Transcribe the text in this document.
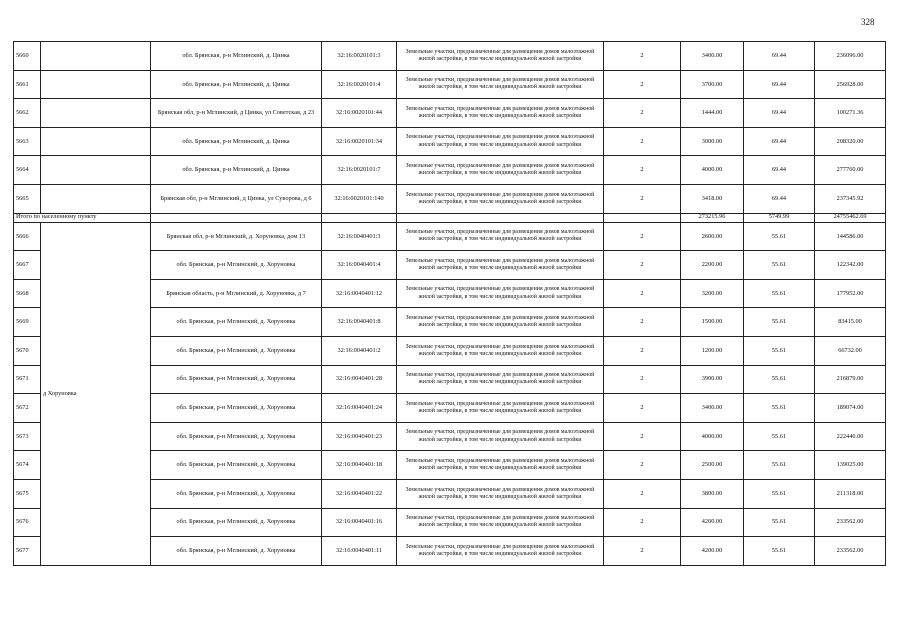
328
5660		обл. Брянская, р-н Мглинский, д. Цинка	32:16:0020101:3	Земельные участки, предназначенные для размещения домов малоэтажной жилой застройки, в том числе индивидуальной жилой застройки	2	3400.00	69.44	236096.00
5661		обл. Брянская, р-н Мглинский, д. Цинка	32:16:0020101:4	Земельные участки, предназначенные для размещения домов малоэтажной жилой застройки, в том числе индивидуальной жилой застройки	2	3700.00	69.44	256928.00
5662		Брянская обл, р-н Мглинский, д Цинка, ул Советская, д 23	32:16:0020101:44	Земельные участки, предназначенные для размещения домов малоэтажной жилой застройки, в том числе индивидуальной жилой застройки	2	1444.00	69.44	100271.36
5663		обл. Брянская, р-н Мглинский, д. Цинка	32:16:0020101:34	Земельные участки, предназначенные для размещения домов малоэтажной жилой застройки, в том числе индивидуальной жилой застройки	2	3000.00	69.44	208320.00
5664		обл. Брянская, р-н Мглинский, д. Цинка	32:16:0020101:7	Земельные участки, предназначенные для размещения домов малоэтажной жилой застройки, в том числе индивидуальной жилой застройки	2	4000.00	69.44	277760.00
5665		Брянская обл, р-н Мглинский, д Цинка, ул Суворова, д 6	32:16:0020101:140	Земельные участки, предназначенные для размещения домов малоэтажной жилой застройки, в том числе индивидуальной жилой застройки	2	3418.00	69.44	237345.92
Итого по населенному пункту						273215.96	5749.99	24755462.69
5666	д Хоруновка	Брянская обл, р-н Мглинский, д. Хоруновка, дом 13	32:16:0040401:3	Земельные участки, предназначенные для размещения домов малоэтажной жилой застройки, в том числе индивидуальной жилой застройки	2	2600.00	55.61	144586.00
5667		обл. Брянская, р-н Мглинский, д. Хоруновка	32:16:0040401:4	Земельные участки, предназначенные для размещения домов малоэтажной жилой застройки, в том числе индивидуальной жилой застройки	2	2200.00	55.61	122342.00
5668		Брянская область, р-н Мглинский, д. Хоруновка, д 7	32:16:0040401:12	Земельные участки, предназначенные для размещения домов малоэтажной жилой застройки, в том числе индивидуальной жилой застройки	2	3200.00	55.61	177952.00
5669		обл. Брянская, р-н Мглинский, д. Хоруновка	32:16:0040401:8	Земельные участки, предназначенные для размещения домов малоэтажной жилой застройки, в том числе индивидуальной жилой застройки	2	1500.00	55.61	83415.00
5670		обл. Брянская, р-н Мглинский, д. Хоруновка	32:16:0040401:2	Земельные участки, предназначенные для размещения домов малоэтажной жилой застройки, в том числе индивидуальной жилой застройки	2	1200.00	55.61	66732.00
5671		обл. Брянская, р-н Мглинский, д. Хоруновка	32:16:0040401:28	Земельные участки, предназначенные для размещения домов малоэтажной жилой застройки, в том числе индивидуальной жилой застройки	2	3900.00	55.61	216879.00
5672		обл. Брянская, р-н Мглинский, д. Хоруновка	32:16:0040401:24	Земельные участки, предназначенные для размещения домов малоэтажной жилой застройки, в том числе индивидуальной жилой застройки	2	3400.00	55.61	189074.00
5673		обл. Брянская, р-н Мглинский, д. Хоруновка	32:16:0040401:23	Земельные участки, предназначенные для размещения домов малоэтажной жилой застройки, в том числе индивидуальной жилой застройки	2	4000.00	55.61	222440.00
5674		обл. Брянская, р-н Мглинский, д. Хоруновка	32:16:0040401:18	Земельные участки, предназначенные для размещения домов малоэтажной жилой застройки, в том числе индивидуальной жилой застройки	2	2500.00	55.61	139025.00
5675		обл. Брянская, р-н Мглинский, д. Хоруновка	32:16:0040401:22	Земельные участки, предназначенные для размещения домов малоэтажной жилой застройки, в том числе индивидуальной жилой застройки	2	3800.00	55.61	211318.00
5676		обл. Брянская, р-н Мглинский, д. Хоруновка	32:16:0040401:16	Земельные участки, предназначенные для размещения домов малоэтажной жилой застройки, в том числе индивидуальной жилой застройки	2	4200.00	55.61	233562.00
5677		обл. Брянская, р-н Мглинский, д. Хоруновка	32:16:0040401:11	Земельные участки, предназначенные для размещения домов малоэтажной жилой застройки, в том числе индивидуальной жилой застройки	2	4200.00	55.61	233562.00
